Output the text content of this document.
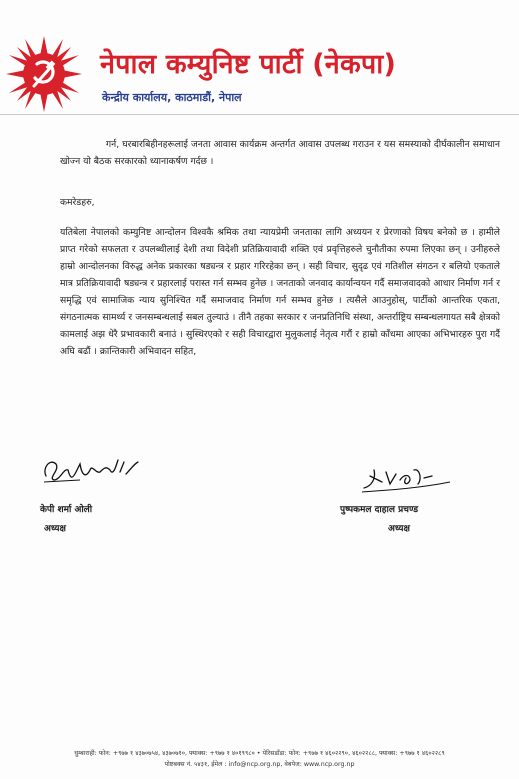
नेपाल कम्युनिष्ट पार्टी (नेकपा)
केन्द्रीय कार्यालय, काठमाडौं, नेपाल

गर्न, घरबारबिहीनहरूलाई जनता आवास कार्यक्रम अन्तर्गत आवास उपलब्ध गराउन र यस समस्याको दीर्घकालीन समाधान खोज्न यो बैठक सरकारको ध्यानाकर्षण गर्दछ ।

कमरेडहरु,

यतिबेला नेपालको कम्युनिष्ट आन्दोलन विश्वकै श्रमिक तथा न्यायप्रेमी जनताका लागि अध्ययन र प्रेरणाको विषय बनेको छ । हामीले प्राप्त गरेको सफलता र उपलब्धीलाई देशी तथा विदेशी प्रतिक्रियावादी शक्ति एवं प्रवृत्तिहरुले चुनौतीका रुपमा लिएका छन् । उनीहरुले हाम्रो आन्दोलनका विरुद्ध अनेक प्रकारका षड्यन्त्र र प्रहार गरिरहेका छन् । सही विचार, सुदृढ एवं गतिशील संगठन र बलियो एकताले मात्र प्रतिक्रियावादी षड्यन्त्र र प्रहारलाई परास्त गर्न सम्भव हुनेछ । जनताको जनवाद कार्यान्वयन गर्दै समाजवादको आधार निर्माण गर्न र समृद्धि एवं सामाजिक न्याय सुनिश्चित गर्दै समाजवाद निर्माण गर्न सम्भव हुनेछ । त्यसैले आउनुहोस्, पार्टीको आन्तरिक एकता, संगठनात्मक सामर्थ्य र जनसम्बन्धलाई सबल तुल्याउं । तीनै तहका सरकार र जनप्रतिनिधि संस्था, अन्तर्राष्ट्रिय सम्बन्धलगायत सबै क्षेत्रको कामलाई अझ धेरै प्रभावकारी बनाउं । सुस्थिरएको र सही विचारद्वारा मुलुकलाई नेतृत्व गरौं र हाम्रो काँधमा आएका अभिभारहरु पुरा गर्दै अघि बढौं । क्रान्तिकारी अभिवादन सहित,

केपी शर्मा ओली
अध्यक्ष
पुष्पकमल दाहाल प्रचण्ड
अध्यक्ष
धुम्बाराही: फोन: +९७७ १ ४३७०७५४, ४३७०७१०, फ्याक्स: +९७७ १ ४०१९९८० • पेरिसडाँडा: फोन: +९७७ १ ४६०२२९०, ४६०२२८८, फ्याक्स: +९७७ १ ४६०२२८९
पोष्टबक्स नं. ५४३१, ईमेल : info@ncp.org.np, वेबपेज: www.ncp.org.np
